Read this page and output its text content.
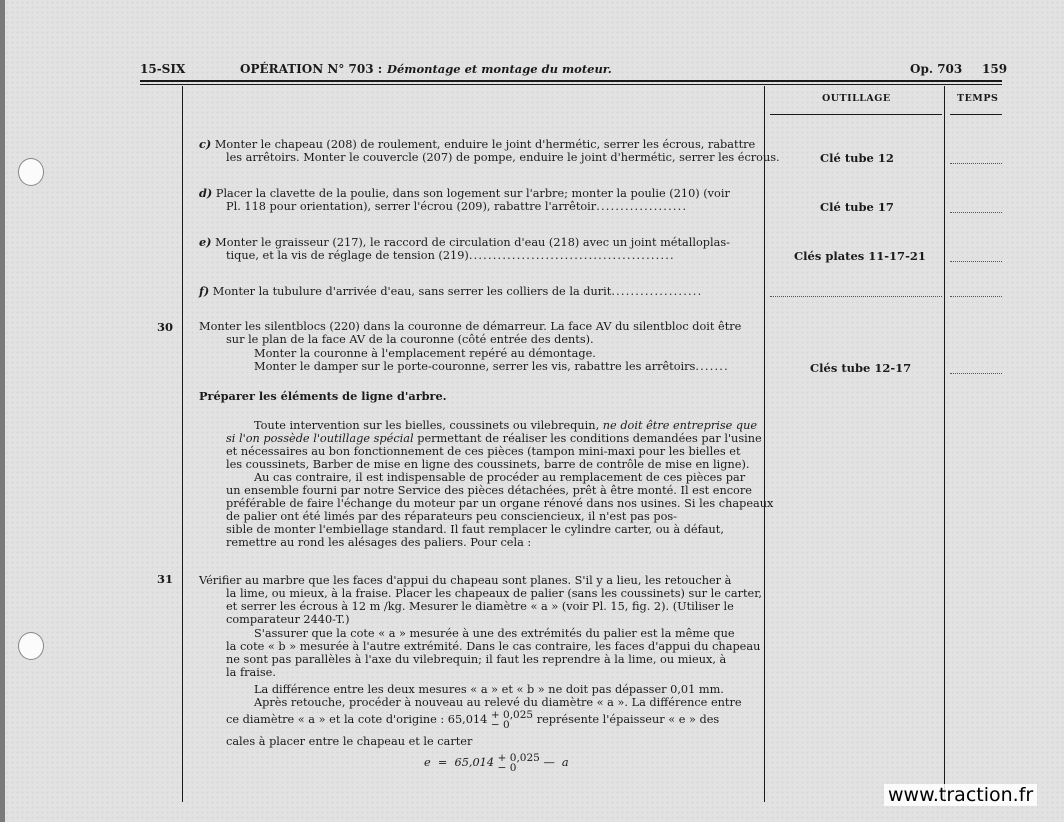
15-SIX	OPÉRATION N° 703 : Démontage et montage du moteur.	Op. 703 159
OUTILLAGE	TEMPS
c) Monter le chapeau (208) de roulement, enduire le joint d'hermétic, serrer les écrous, rabattre
les arrêtoirs. Monter le couvercle (207) de pompe, enduire le joint d'hermétic, serrer les écrous.	Clé tube 12
d) Placer la clavette de la poulie, dans son logement sur l'arbre; monter la poulie (210) (voir
Pl. 118 pour orientation), serrer l'écrou (209), rabattre l'arrêtoir...................	Clé tube 17
e) Monter le graisseur (217), le raccord de circulation d'eau (218) avec un joint métalloplas-
tique, et la vis de réglage de tension (219)...........................................	Clés plates 11-17-21
f) Monter la tubulure d'arrivée d'eau, sans serrer les colliers de la durit...................
30 Monter les silentblocs (220) dans la couronne de démarreur. La face AV du silentbloc doit être
sur le plan de la face AV de la couronne (côté entrée des dents).
Monter la couronne à l'emplacement repéré au démontage.
Monter le damper sur le porte-couronne, serrer les vis, rabattre les arrêtoirs.......	Clés tube 12-17
Préparer les éléments de ligne d'arbre.
Toute intervention sur les bielles, coussinets ou vilebrequin, ne doit être entreprise que
si l'on possède l'outillage spécial permettant de réaliser les conditions demandées par l'usine
et nécessaires au bon fonctionnement de ces pièces (tampon mini-maxi pour les bielles et
les coussinets, Barber de mise en ligne des coussinets, barre de contrôle de mise en ligne).
Au cas contraire, il est indispensable de procéder au remplacement de ces pièces par
un ensemble fourni par notre Service des pièces détachées, prêt à être monté. Il est encore
préférable de faire l'échange du moteur par un organe rénové dans nos usines. Si les chapeaux
de palier ont été limés par des réparateurs peu consciencieux, il n'est pas pos-
sible de monter l'embiellage standard. Il faut remplacer le cylindre carter, ou à défaut,
remettre au rond les alésages des paliers. Pour cela :
31 Vérifier au marbre que les faces d'appui du chapeau sont planes. S'il y a lieu, les retoucher à
la lime, ou mieux, à la fraise. Placer les chapeaux de palier (sans les coussinets) sur le carter,
et serrer les écrous à 12 m /kg. Mesurer le diamètre « a » (voir Pl. 15, fig. 2). (Utiliser le
comparateur 2440-T.)
S'assurer que la cote « a » mesurée à une des extrémités du palier est la même que
la cote « b » mesurée à l'autre extrémité. Dans le cas contraire, les faces d'appui du chapeau
ne sont pas parallèles à l'axe du vilebrequin; il faut les reprendre à la lime, ou mieux, à
la fraise.
La différence entre les deux mesures « a » et « b » ne doit pas dépasser 0,01 mm.
Après retouche, procéder à nouveau au relevé du diamètre « a ». La différence entre
ce diamètre « a » et la cote d'origine : 65,014 + 0,025
− 0	représente l'épaisseur « e » des
cales à placer entre le chapeau et le carter
e  =  65,014 + 0,025
− 0	—  a
www.traction.fr
